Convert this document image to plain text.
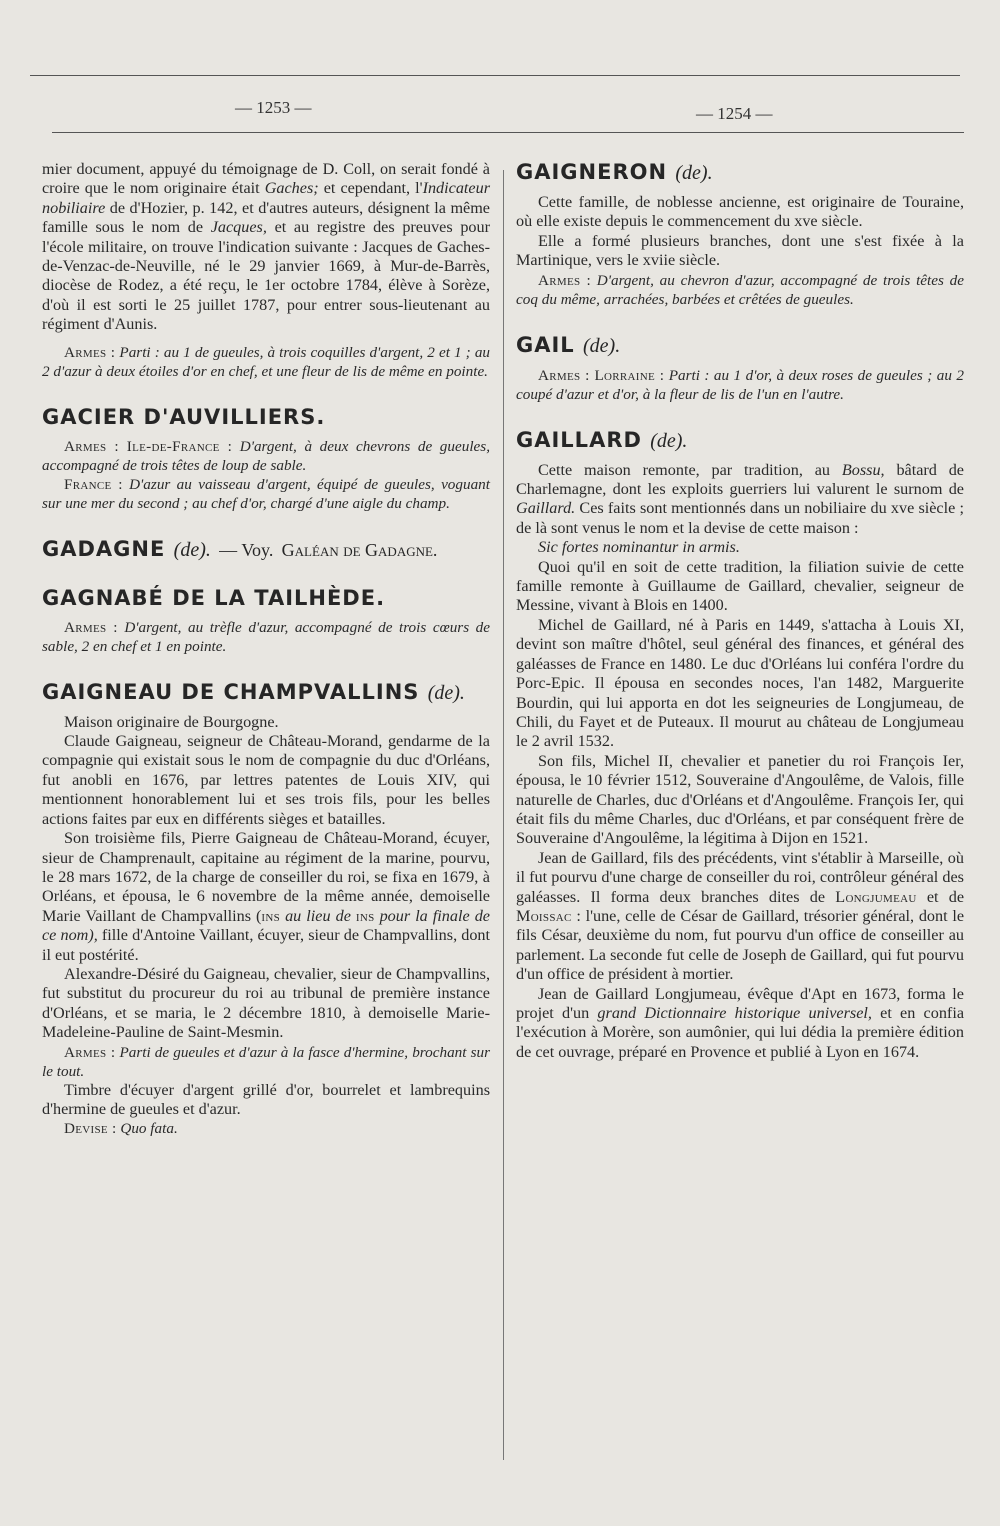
— 1253 —	— 1254 —

mier document, appuyé du témoignage de D. Coll, on serait fondé à croire que le nom originaire était Gaches; et cependant, l'Indicateur nobiliaire de d'Hozier, p. 142, et d'autres auteurs, désignent la même famille sous le nom de Jacques, et au registre des preuves pour l'école militaire, on trouve l'indication suivante : Jacques de Gaches-de-Venzac-de-Neuville, né le 29 janvier 1669, à Mur-de-Barrès, diocèse de Rodez, a été reçu, le 1er octobre 1784, élève à Sorèze, d'où il est sorti le 25 juillet 1787, pour entrer sous-lieutenant au régiment d'Aunis.

Armes : Parti : au 1 de gueules, à trois coquilles d'argent, 2 et 1 ; au 2 d'azur à deux étoiles d'or en chef, et une fleur de lis de même en pointe.

GACIER D'AUVILLIERS.

Armes : Ile-de-France : D'argent, à deux chevrons de gueules, accompagné de trois têtes de loup de sable.

France : D'azur au vaisseau d'argent, équipé de gueules, voguant sur une mer du second ; au chef d'or, chargé d'une aigle du champ.

GADAGNE (de). — Voy. Galéan de Gadagne.
GAGNABÉ DE LA TAILHÈDE.

Armes : D'argent, au trèfle d'azur, accompagné de trois cœurs de sable, 2 en chef et 1 en pointe.

GAIGNEAU DE CHAMPVALLINS (de).

Maison originaire de Bourgogne.

Claude Gaigneau, seigneur de Château-Morand, gendarme de la compagnie qui existait sous le nom de compagnie du duc d'Orléans, fut anobli en 1676, par lettres patentes de Louis XIV, qui mentionnent honorablement lui et ses trois fils, pour les belles actions faites par eux en différents sièges et batailles.

Son troisième fils, Pierre Gaigneau de Château-Morand, écuyer, sieur de Champrenault, capitaine au régiment de la marine, pourvu, le 28 mars 1672, de la charge de conseiller du roi, se fixa en 1679, à Orléans, et épousa, le 6 novembre de la même année, demoiselle Marie Vaillant de Champvallins (ins au lieu de ins pour la finale de ce nom), fille d'Antoine Vaillant, écuyer, sieur de Champvallins, dont il eut postérité.

Alexandre-Désiré du Gaigneau, chevalier, sieur de Champvallins, fut substitut du procureur du roi au tribunal de première instance d'Orléans, et se maria, le 2 décembre 1810, à demoiselle Marie-Madeleine-Pauline de Saint-Mesmin.

Armes : Parti de gueules et d'azur à la fasce d'hermine, brochant sur le tout.

Timbre d'écuyer d'argent grillé d'or, bourrelet et lambrequins d'hermine de gueules et d'azur.

Devise : Quo fata.

GAIGNERON (de).

Cette famille, de noblesse ancienne, est originaire de Touraine, où elle existe depuis le commencement du xve siècle.

Elle a formé plusieurs branches, dont une s'est fixée à la Martinique, vers le xviie siècle.

Armes : D'argent, au chevron d'azur, accompagné de trois têtes de coq du même, arrachées, barbées et crêtées de gueules.

GAIL (de).

Armes : Lorraine : Parti : au 1 d'or, à deux roses de gueules ; au 2 coupé d'azur et d'or, à la fleur de lis de l'un en l'autre.

GAILLARD (de).

Cette maison remonte, par tradition, au Bossu, bâtard de Charlemagne, dont les exploits guerriers lui valurent le surnom de Gaillard. Ces faits sont mentionnés dans un nobiliaire du xve siècle ; de là sont venus le nom et la devise de cette maison :

Sic fortes nominantur in armis.

Quoi qu'il en soit de cette tradition, la filiation suivie de cette famille remonte à Guillaume de Gaillard, chevalier, seigneur de Messine, vivant à Blois en 1400.

Michel de Gaillard, né à Paris en 1449, s'attacha à Louis XI, devint son maître d'hôtel, seul général des finances, et général des galéasses de France en 1480. Le duc d'Orléans lui conféra l'ordre du Porc-Epic. Il épousa en secondes noces, l'an 1482, Marguerite Bourdin, qui lui apporta en dot les seigneuries de Longjumeau, de Chili, du Fayet et de Puteaux. Il mourut au château de Longjumeau le 2 avril 1532.

Son fils, Michel II, chevalier et panetier du roi François Ier, épousa, le 10 février 1512, Souveraine d'Angoulême, de Valois, fille naturelle de Charles, duc d'Orléans et d'Angoulême. François Ier, qui était fils du même Charles, duc d'Orléans, et par conséquent frère de Souveraine d'Angoulême, la légitima à Dijon en 1521.

Jean de Gaillard, fils des précédents, vint s'établir à Marseille, où il fut pourvu d'une charge de conseiller du roi, contrôleur général des galéasses. Il forma deux branches dites de Longjumeau et de Moissac : l'une, celle de César de Gaillard, trésorier général, dont le fils César, deuxième du nom, fut pourvu d'un office de conseiller au parlement. La seconde fut celle de Joseph de Gaillard, qui fut pourvu d'un office de président à mortier.

Jean de Gaillard Longjumeau, évêque d'Apt en 1673, forma le projet d'un grand Dictionnaire historique universel, et en confia l'exécution à Morère, son aumônier, qui lui dédia la première édition de cet ouvrage, préparé en Provence et publié à Lyon en 1674.
